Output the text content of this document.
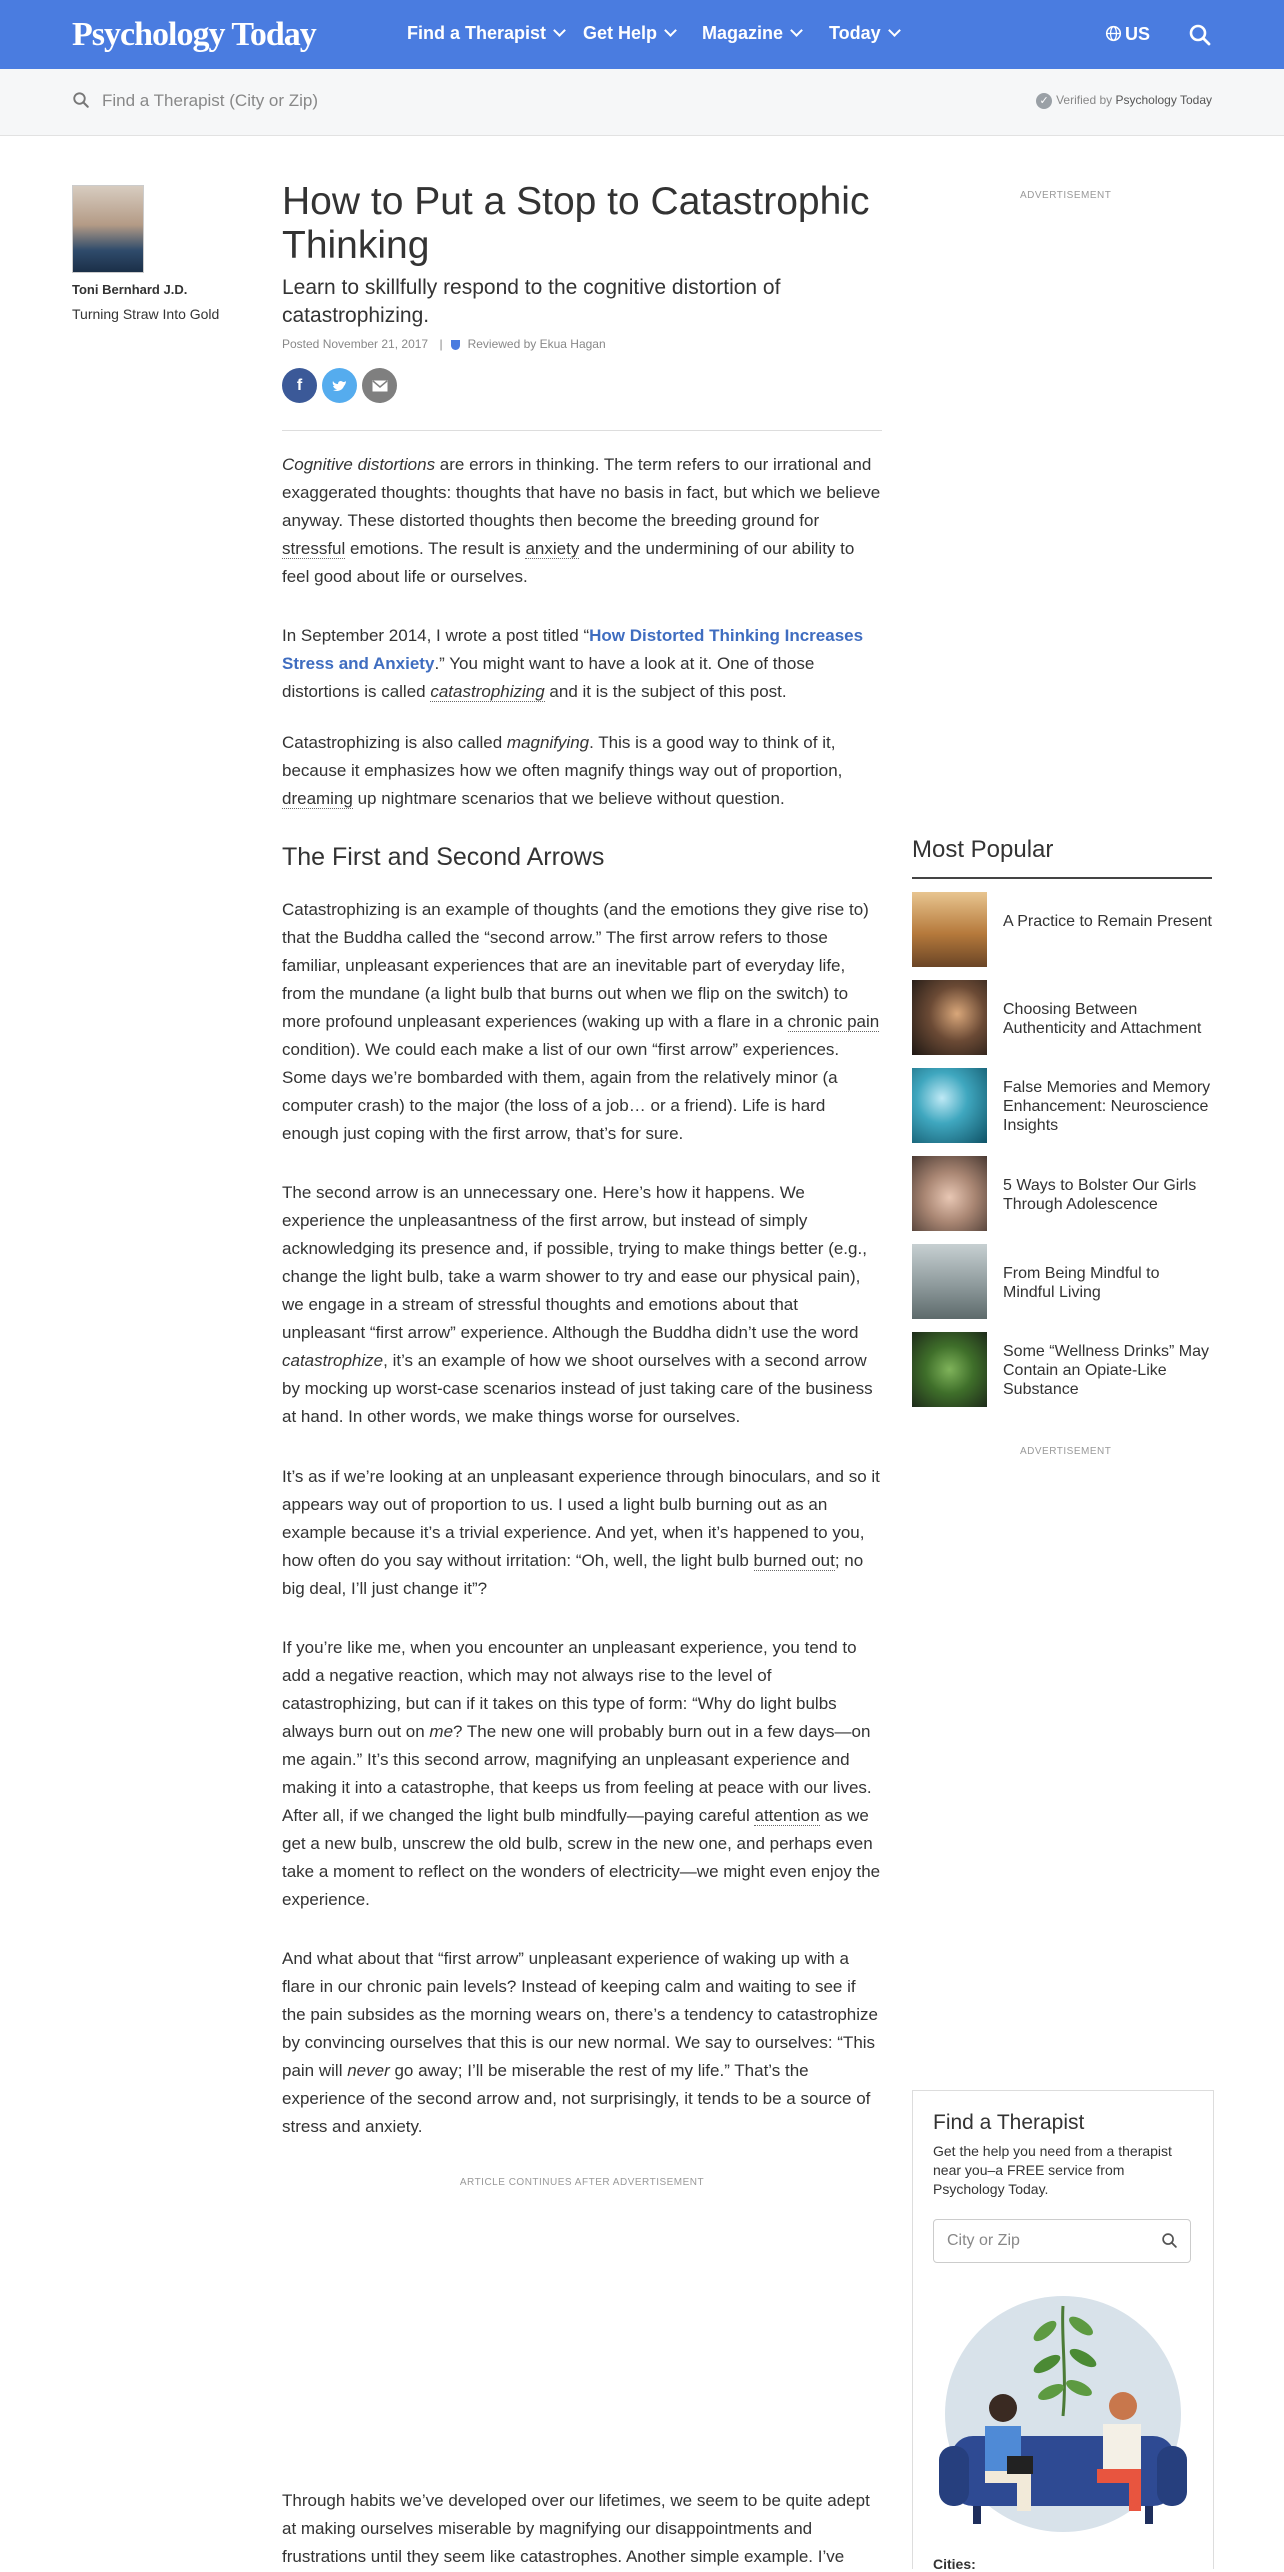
Psychology Today	Find a Therapist	Get Help	Magazine	Today	US
Find a Therapist (City or Zip)	✓ Verified by Psychology Today
Toni Bernhard J.D.
Turning Straw Into Gold
How to Put a Stop to Catastrophic Thinking
Learn to skillfully respond to the cognitive distortion of catastrophizing.
Posted November 21, 2017 | Reviewed by Ekua Hagan
f

Cognitive distortions are errors in thinking. The term refers to our irrational and exaggerated thoughts: thoughts that have no basis in fact, but which we believe anyway. These distorted thoughts then become the breeding ground for stressful emotions. The result is anxiety and the undermining of our ability to feel good about life or ourselves.

In September 2014, I wrote a post titled “How Distorted Thinking Increases Stress and Anxiety.” You might want to have a look at it. One of those distortions is called catastrophizing and it is the subject of this post.

Catastrophizing is also called magnifying. This is a good way to think of it, because it emphasizes how we often magnify things way out of proportion, dreaming up nightmare scenarios that we believe without question.

The First and Second Arrows

Catastrophizing is an example of thoughts (and the emotions they give rise to) that the Buddha called the “second arrow.” The first arrow refers to those familiar, unpleasant experiences that are an inevitable part of everyday life, from the mundane (a light bulb that burns out when we flip on the switch) to more profound unpleasant experiences (waking up with a flare in a chronic pain condition). We could each make a list of our own “first arrow” experiences. Some days we’re bombarded with them, again from the relatively minor (a computer crash) to the major (the loss of a job… or a friend). Life is hard enough just coping with the first arrow, that’s for sure.

The second arrow is an unnecessary one. Here’s how it happens. We experience the unpleasantness of the first arrow, but instead of simply acknowledging its presence and, if possible, trying to make things better (e.g., change the light bulb, take a warm shower to try and ease our physical pain), we engage in a stream of stressful thoughts and emotions about that unpleasant “first arrow” experience. Although the Buddha didn’t use the word catastrophize, it’s an example of how we shoot ourselves with a second arrow by mocking up worst-case scenarios instead of just taking care of the business at hand. In other words, we make things worse for ourselves.

It’s as if we’re looking at an unpleasant experience through binoculars, and so it appears way out of proportion to us. I used a light bulb burning out as an example because it’s a trivial experience. And yet, when it’s happened to you, how often do you say without irritation: “Oh, well, the light bulb burned out; no big deal, I’ll just change it”?

If you’re like me, when you encounter an unpleasant experience, you tend to add a negative reaction, which may not always rise to the level of catastrophizing, but can if it takes on this type of form: “Why do light bulbs always burn out on me? The new one will probably burn out in a few days—on me again.” It’s this second arrow, magnifying an unpleasant experience and making it into a catastrophe, that keeps us from feeling at peace with our lives. After all, if we changed the light bulb mindfully—paying careful attention as we get a new bulb, unscrew the old bulb, screw in the new one, and perhaps even take a moment to reflect on the wonders of electricity—we might even enjoy the experience.

And what about that “first arrow” unpleasant experience of waking up with a flare in our chronic pain levels? Instead of keeping calm and waiting to see if the pain subsides as the morning wears on, there’s a tendency to catastrophize by convincing ourselves that this is our new normal. We say to ourselves: “This pain will never go away; I’ll be miserable the rest of my life.” That’s the experience of the second arrow and, not surprisingly, it tends to be a source of stress and anxiety.

ARTICLE CONTINUES AFTER ADVERTISEMENT

Through habits we’ve developed over our lifetimes, we seem to be quite adept at making ourselves miserable by magnifying our disappointments and frustrations until they seem like catastrophes. Another simple example. I’ve

ADVERTISEMENT
Most Popular
A Practice to Remain Present
Choosing Between Authenticity and Attachment
False Memories and Memory Enhancement: Neuroscience Insights
5 Ways to Bolster Our Girls Through Adolescence
From Being Mindful to Mindful Living
Some “Wellness Drinks” May Contain an Opiate-Like Substance
ADVERTISEMENT
Find a Therapist
Get the help you need from a therapist near you–a FREE service from Psychology Today.
City or Zip
Cities:
